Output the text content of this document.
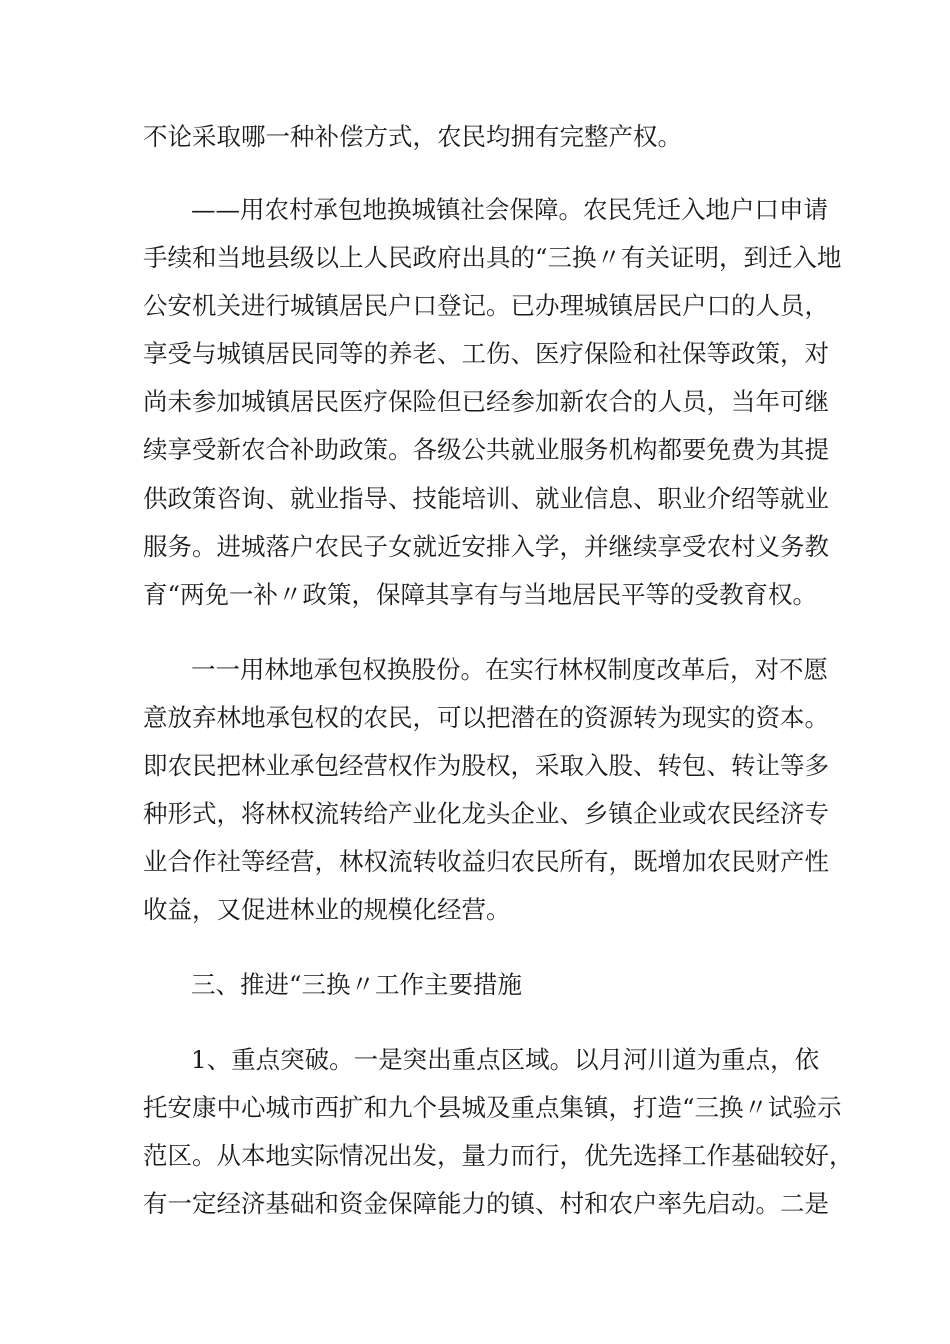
不论采取哪一种补偿方式，农民均拥有完整产权。
——用农村承包地换城镇社会保障。农民凭迁入地户口申请
手续和当地县级以上人民政府出具的“三换〃有关证明，到迁入地
公安机关进行城镇居民户口登记。已办理城镇居民户口的人员，
享受与城镇居民同等的养老、工伤、医疗保险和社保等政策，对
尚未参加城镇居民医疗保险但已经参加新农合的人员，当年可继
续享受新农合补助政策。各级公共就业服务机构都要免费为其提
供政策咨询、就业指导、技能培训、就业信息、职业介绍等就业
服务。进城落户农民子女就近安排入学，并继续享受农村义务教
育“两免一补〃政策，保障其享有与当地居民平等的受教育权。
一一用林地承包权换股份。在实行林权制度改革后，对不愿
意放弃林地承包权的农民，可以把潜在的资源转为现实的资本。
即农民把林业承包经营权作为股权，采取入股、转包、转让等多
种形式，将林权流转给产业化龙头企业、乡镇企业或农民经济专
业合作社等经营，林权流转收益归农民所有，既增加农民财产性
收益，又促进林业的规模化经营。
三、推进“三换〃工作主要措施
1、重点突破。一是突出重点区域。以月河川道为重点，依
托安康中心城市西扩和九个县城及重点集镇，打造“三换〃试验示
范区。从本地实际情况出发，量力而行，优先选择工作基础较好，
有一定经济基础和资金保障能力的镇、村和农户率先启动。二是
